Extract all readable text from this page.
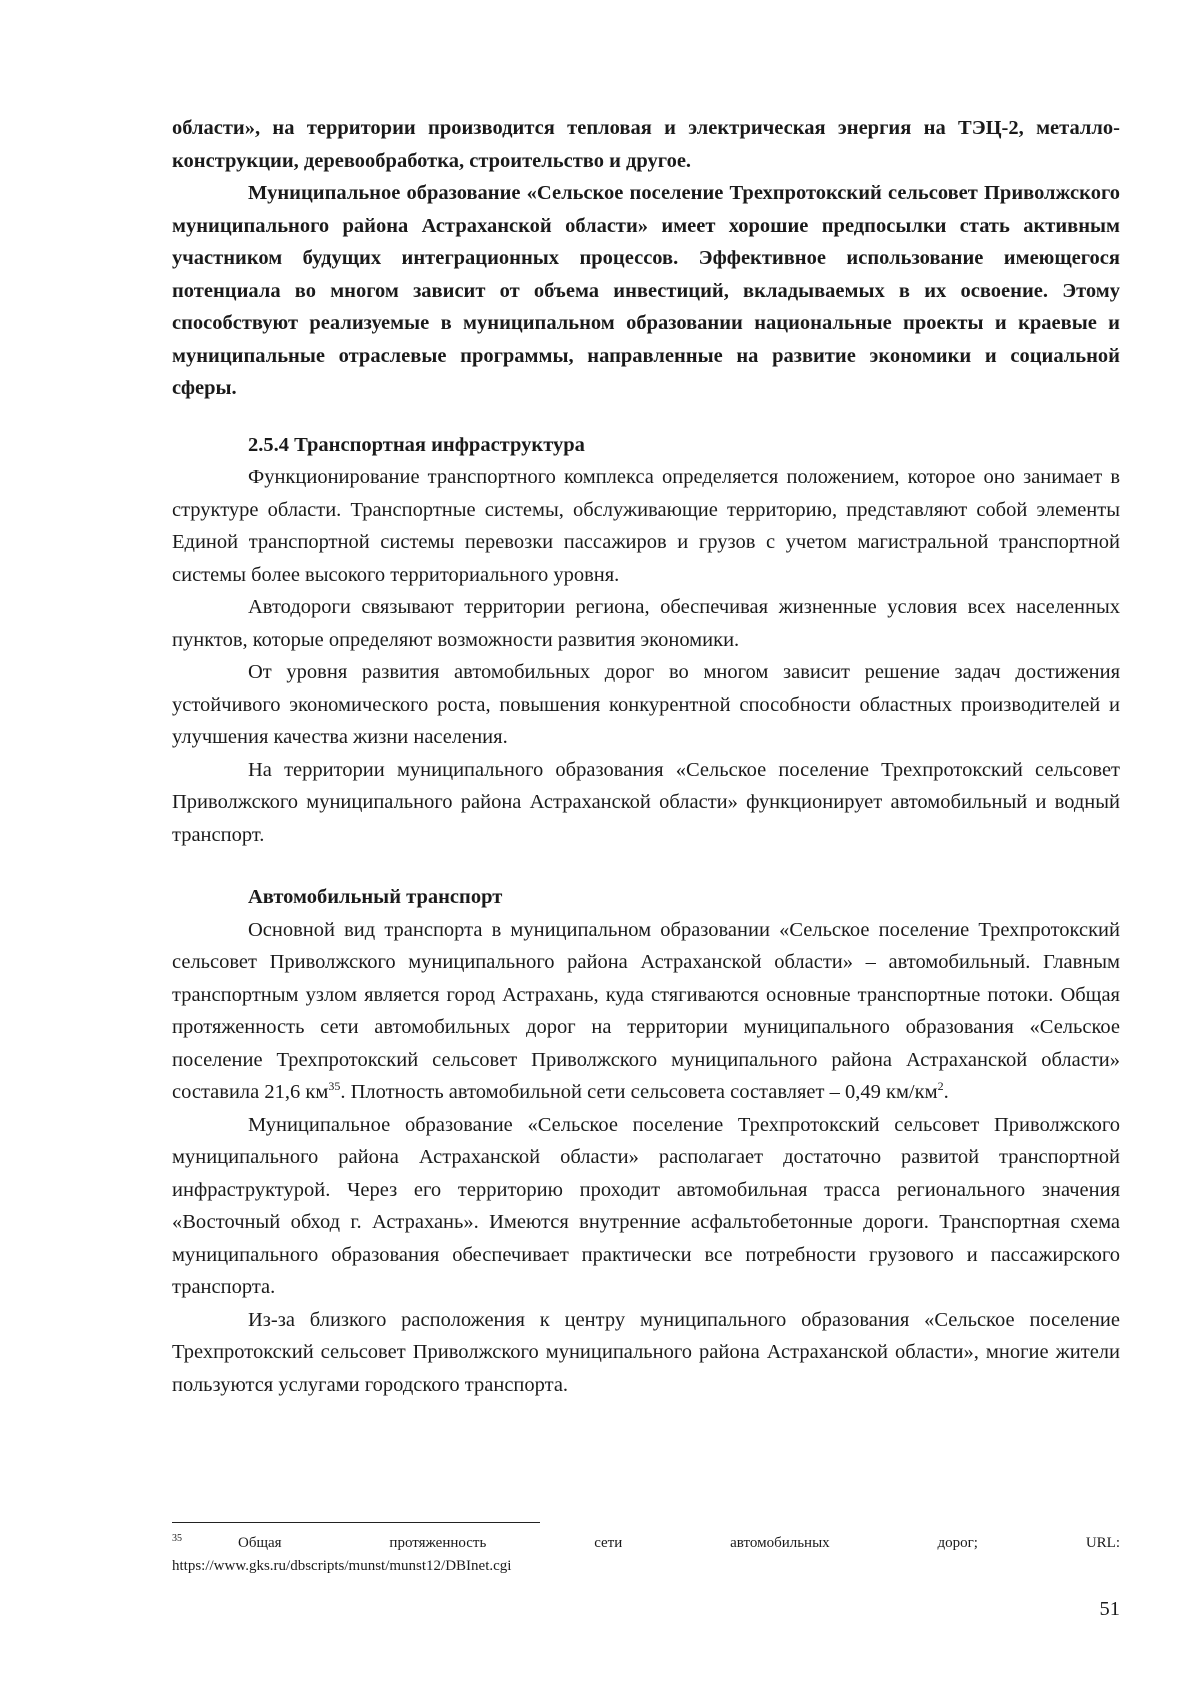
области», на территории производится тепловая и электрическая энергия на ТЭЦ-2, металло-конструкции, деревообработка, строительство и другое.

Муниципальное образование «Сельское поселение Трехпротокский сельсовет Приволжского муниципального района Астраханской области» имеет хорошие предпосылки стать активным участником будущих интеграционных процессов. Эффективное использование имеющегося потенциала во многом зависит от объема инвестиций, вкладываемых в их освоение. Этому способствуют реализуемые в муниципальном образовании национальные проекты и краевые и муниципальные отраслевые программы, направленные на развитие экономики и социальной сферы.

2.5.4 Транспортная инфраструктура

Функционирование транспортного комплекса определяется положением, которое оно занимает в структуре области. Транспортные системы, обслуживающие территорию, представляют собой элементы Единой транспортной системы перевозки пассажиров и грузов с учетом магистральной транспортной системы более высокого территориального уровня.

Автодороги связывают территории региона, обеспечивая жизненные условия всех населенных пунктов, которые определяют возможности развития экономики.

От уровня развития автомобильных дорог во многом зависит решение задач достижения устойчивого экономического роста, повышения конкурентной способности областных производителей и улучшения качества жизни населения.

На территории муниципального образования «Сельское поселение Трехпротокский сельсовет Приволжского муниципального района Астраханской области» функционирует автомобильный и водный транспорт.

Автомобильный транспорт

Основной вид транспорта в муниципальном образовании «Сельское поселение Трехпротокский сельсовет Приволжского муниципального района Астраханской области» – автомобильный. Главным транспортным узлом является город Астрахань, куда стягиваются основные транспортные потоки. Общая протяженность сети автомобильных дорог на территории муниципального образования «Сельское поселение Трехпротокский сельсовет Приволжского муниципального района Астраханской области» составила 21,6 $км^{35}$. Плотность автомобильной сети сельсовета составляет – 0,49 $км/км^2$.

Муниципальное образование «Сельское поселение Трехпротокский сельсовет Приволжского муниципального района Астраханской области» располагает достаточно развитой транспортной инфраструктурой. Через его территорию проходит автомобильная трасса регионального значения «Восточный обход г. Астрахань». Имеются внутренние асфальтобетонные дороги. Транспортная схема муниципального образования обеспечивает практически все потребности грузового и пассажирского транспорта.

Из-за близкого расположения к центру муниципального образования «Сельское поселение Трехпротокский сельсовет Приволжского муниципального района Астраханской области», многие жители пользуются услугами городского транспорта.

$^{35}$	Общая протяженность сети автомобильных дорог; URL:
https://www.gks.ru/dbscripts/munst/munst12/DBInet.cgi
51
